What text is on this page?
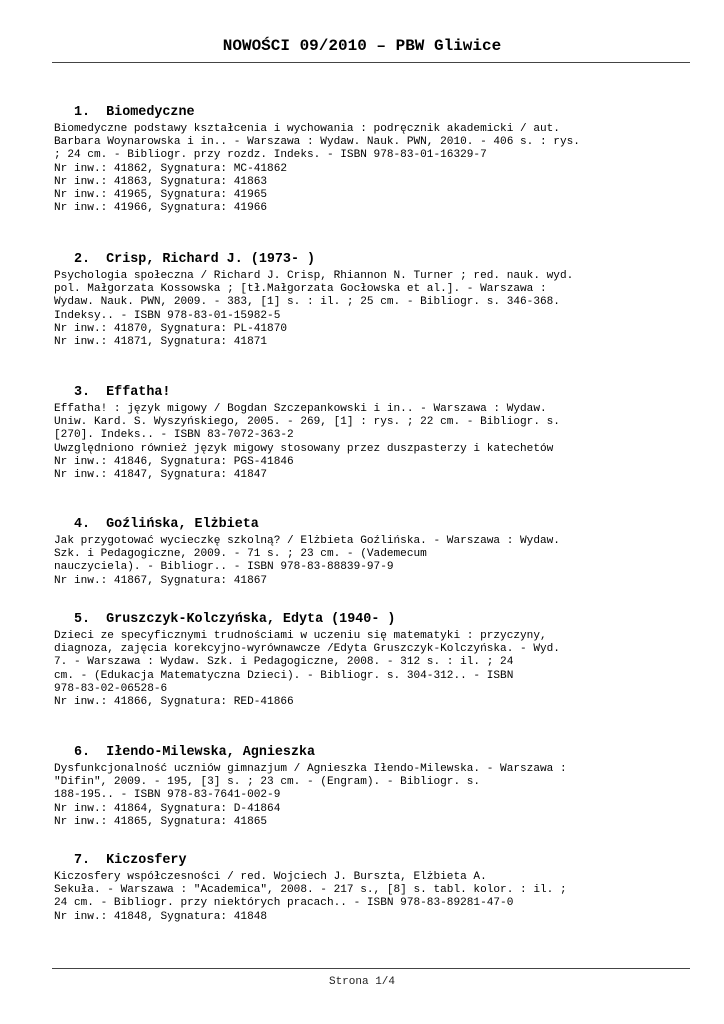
NOWOŚCI 09/2010 – PBW Gliwice
1.  Biomedyczne
Biomedyczne podstawy kształcenia i wychowania : podręcznik akademicki / aut.
Barbara Woynarowska i in.. - Warszawa : Wydaw. Nauk. PWN, 2010. - 406 s. : rys.
; 24 cm. - Bibliogr. przy rozdz. Indeks. - ISBN 978-83-01-16329-7
Nr inw.: 41862, Sygnatura: MC-41862
Nr inw.: 41863, Sygnatura: 41863
Nr inw.: 41965, Sygnatura: 41965
Nr inw.: 41966, Sygnatura: 41966
2.  Crisp, Richard J. (1973- )
Psychologia społeczna / Richard J. Crisp, Rhiannon N. Turner ; red. nauk. wyd.
pol. Małgorzata Kossowska ; [tł.Małgorzata Gocłowska et al.]. - Warszawa :
Wydaw. Nauk. PWN, 2009. - 383, [1] s. : il. ; 25 cm. - Bibliogr. s. 346-368.
Indeksy.. - ISBN 978-83-01-15982-5
Nr inw.: 41870, Sygnatura: PL-41870
Nr inw.: 41871, Sygnatura: 41871
3.  Effatha!
Effatha! : język migowy / Bogdan Szczepankowski i in.. - Warszawa : Wydaw.
Uniw. Kard. S. Wyszyńskiego, 2005. - 269, [1] : rys. ; 22 cm. - Bibliogr. s.
[270]. Indeks.. - ISBN 83-7072-363-2
Uwzględniono również język migowy stosowany przez duszpasterzy i katechetów
Nr inw.: 41846, Sygnatura: PGS-41846
Nr inw.: 41847, Sygnatura: 41847
4.  Goźlińska, Elżbieta
Jak przygotować wycieczkę szkolną? / Elżbieta Goźlińska. - Warszawa : Wydaw.
Szk. i Pedagogiczne, 2009. - 71 s. ; 23 cm. - (Vademecum
nauczyciela). - Bibliogr.. - ISBN 978-83-88839-97-9
Nr inw.: 41867, Sygnatura: 41867
5.  Gruszczyk-Kolczyńska, Edyta (1940- )
Dzieci ze specyficznymi trudnościami w uczeniu się matematyki : przyczyny,
diagnoza, zajęcia korekcyjno-wyrównawcze /Edyta Gruszczyk-Kolczyńska. - Wyd.
7. - Warszawa : Wydaw. Szk. i Pedagogiczne, 2008. - 312 s. : il. ; 24
cm. - (Edukacja Matematyczna Dzieci). - Bibliogr. s. 304-312.. - ISBN
978-83-02-06528-6
Nr inw.: 41866, Sygnatura: RED-41866
6.  Iłendo-Milewska, Agnieszka
Dysfunkcjonalność uczniów gimnazjum / Agnieszka Iłendo-Milewska. - Warszawa :
"Difin", 2009. - 195, [3] s. ; 23 cm. - (Engram). - Bibliogr. s.
188-195.. - ISBN 978-83-7641-002-9
Nr inw.: 41864, Sygnatura: D-41864
Nr inw.: 41865, Sygnatura: 41865
7.  Kiczosfery
Kiczosfery współczesności / red. Wojciech J. Burszta, Elżbieta A.
Sekuła. - Warszawa : "Academica", 2008. - 217 s., [8] s. tabl. kolor. : il. ;
24 cm. - Bibliogr. przy niektórych pracach.. - ISBN 978-83-89281-47-0
Nr inw.: 41848, Sygnatura: 41848
Strona 1/4
